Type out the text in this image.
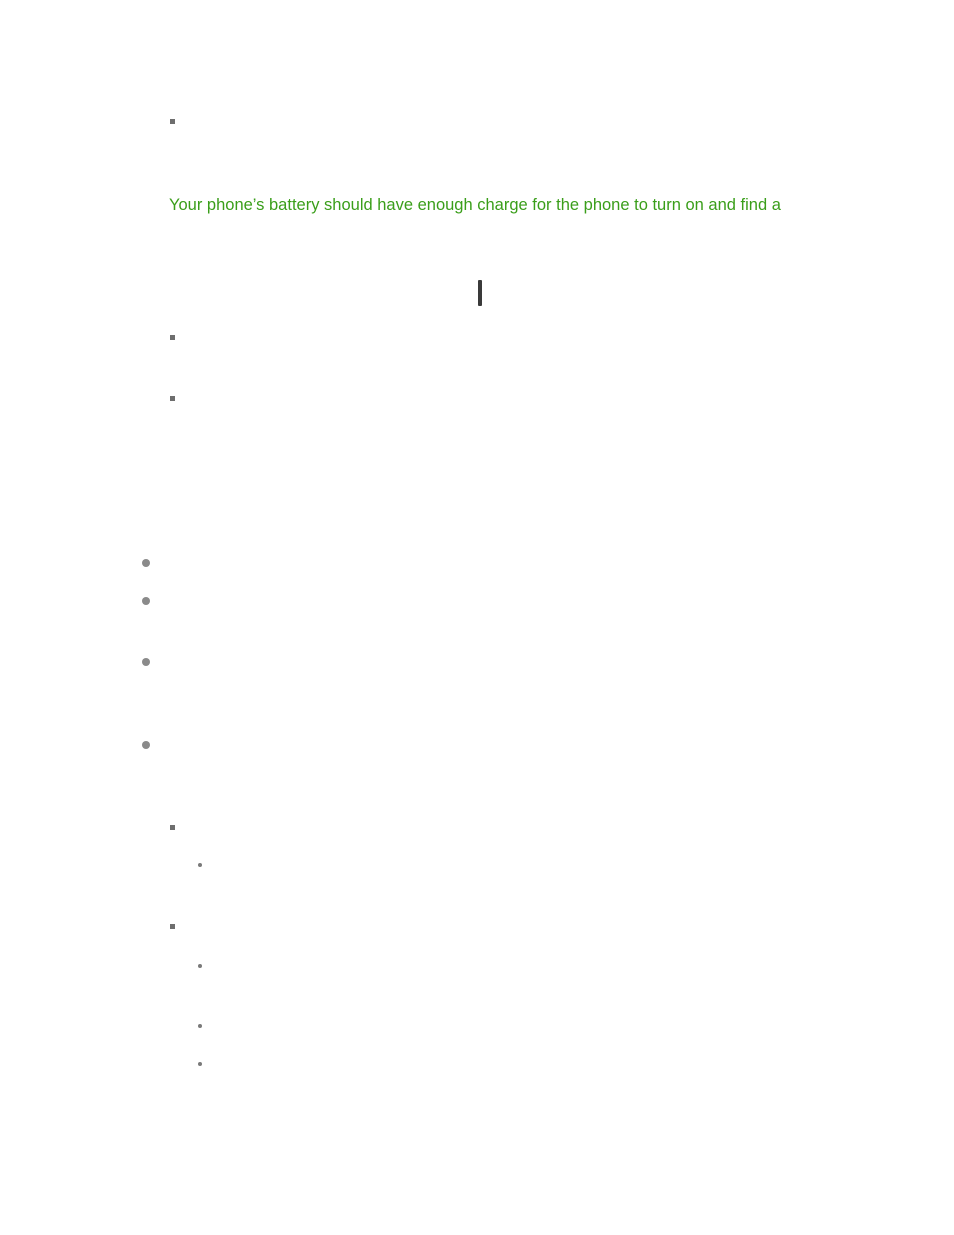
Your phone’s battery should have enough charge for the phone to turn on and find a
